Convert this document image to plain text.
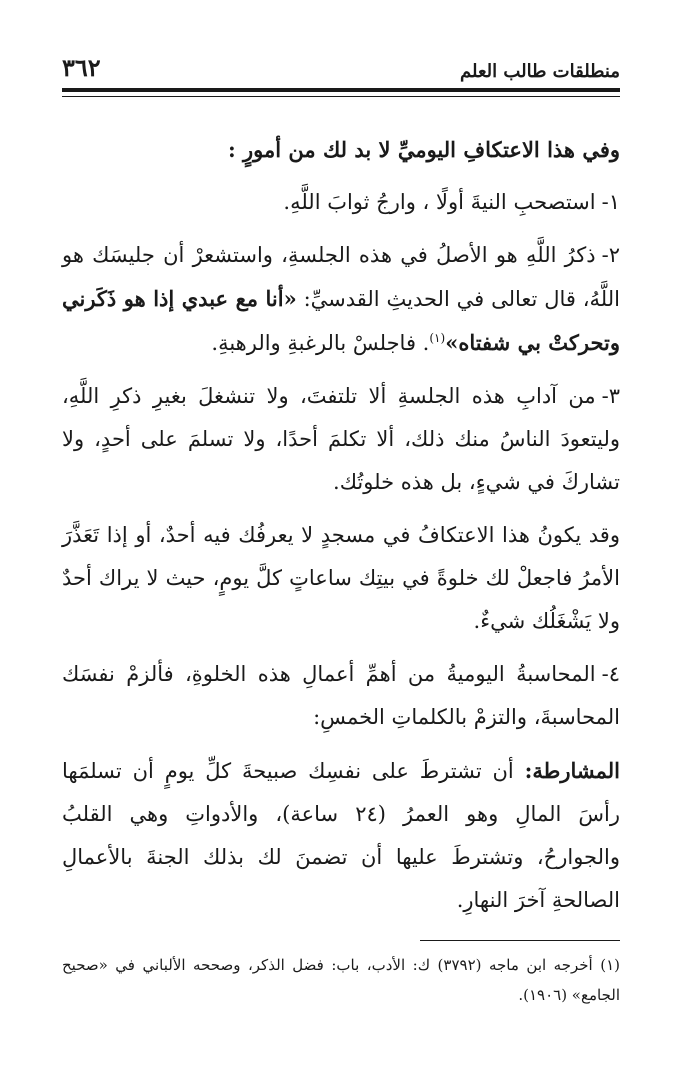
منطلقات طالب العلم
٣٦٢

وفي هذا الاعتكافِ اليوميِّ لا بد لك من أمورٍ :

١-استصحبِ النيةَ أولًا ، وارجُ ثوابَ اللَّهِ.
٢-ذكرُ اللَّهِ هو الأصلُ في هذه الجلسةِ، واستشعرْ أن جليسَك هو اللَّهُ، قال تعالى في الحديثِ القدسيِّ: «أنا مع عبدي إذا هو ذَكَرني وتحركتْ بي شفتاه»$^{(١)}$. فاجلسْ بالرغبةِ والرهبةِ.
٣-من آدابِ هذه الجلسةِ ألا تلتفتَ، ولا تنشغلَ بغيرِ ذكرِ اللَّهِ، وليتعودَ الناسُ منك ذلك، ألا تكلمَ أحدًا، ولا تسلمَ على أحدٍ، ولا تشاركَ في شيءٍ، بل هذه خلوتُك.

وقد يكونُ هذا الاعتكافُ في مسجدٍ لا يعرفُك فيه أحدٌ، أو إذا تَعَذَّرَ الأمرُ فاجعلْ لك خلوةً في بيتِك ساعاتٍ كلَّ يومٍ، حيث لا يراك أحدٌ ولا يَشْغَلُك شيءٌ.

٤-المحاسبةُ اليوميةُ من أهمِّ أعمالِ هذه الخلوةِ، فألزمْ نفسَك المحاسبةَ، والتزمْ بالكلماتِ الخمسِ:

المشارطة: أن تشترطَ على نفسِك صبيحةَ كلِّ يومٍ أن تسلمَها رأسَ المالِ وهو العمرُ (٢٤ ساعة)، والأدواتِ وهي القلبُ والجوارحُ، وتشترطَ عليها أن تضمنَ لك بذلك الجنةَ بالأعمالِ الصالحةِ آخرَ النهارِ.

(١) أخرجه ابن ماجه (٣٧٩٢) ك: الأدب، باب: فضل الذكر، وصححه الألباني في «صحيح الجامع» (١٩٠٦).
